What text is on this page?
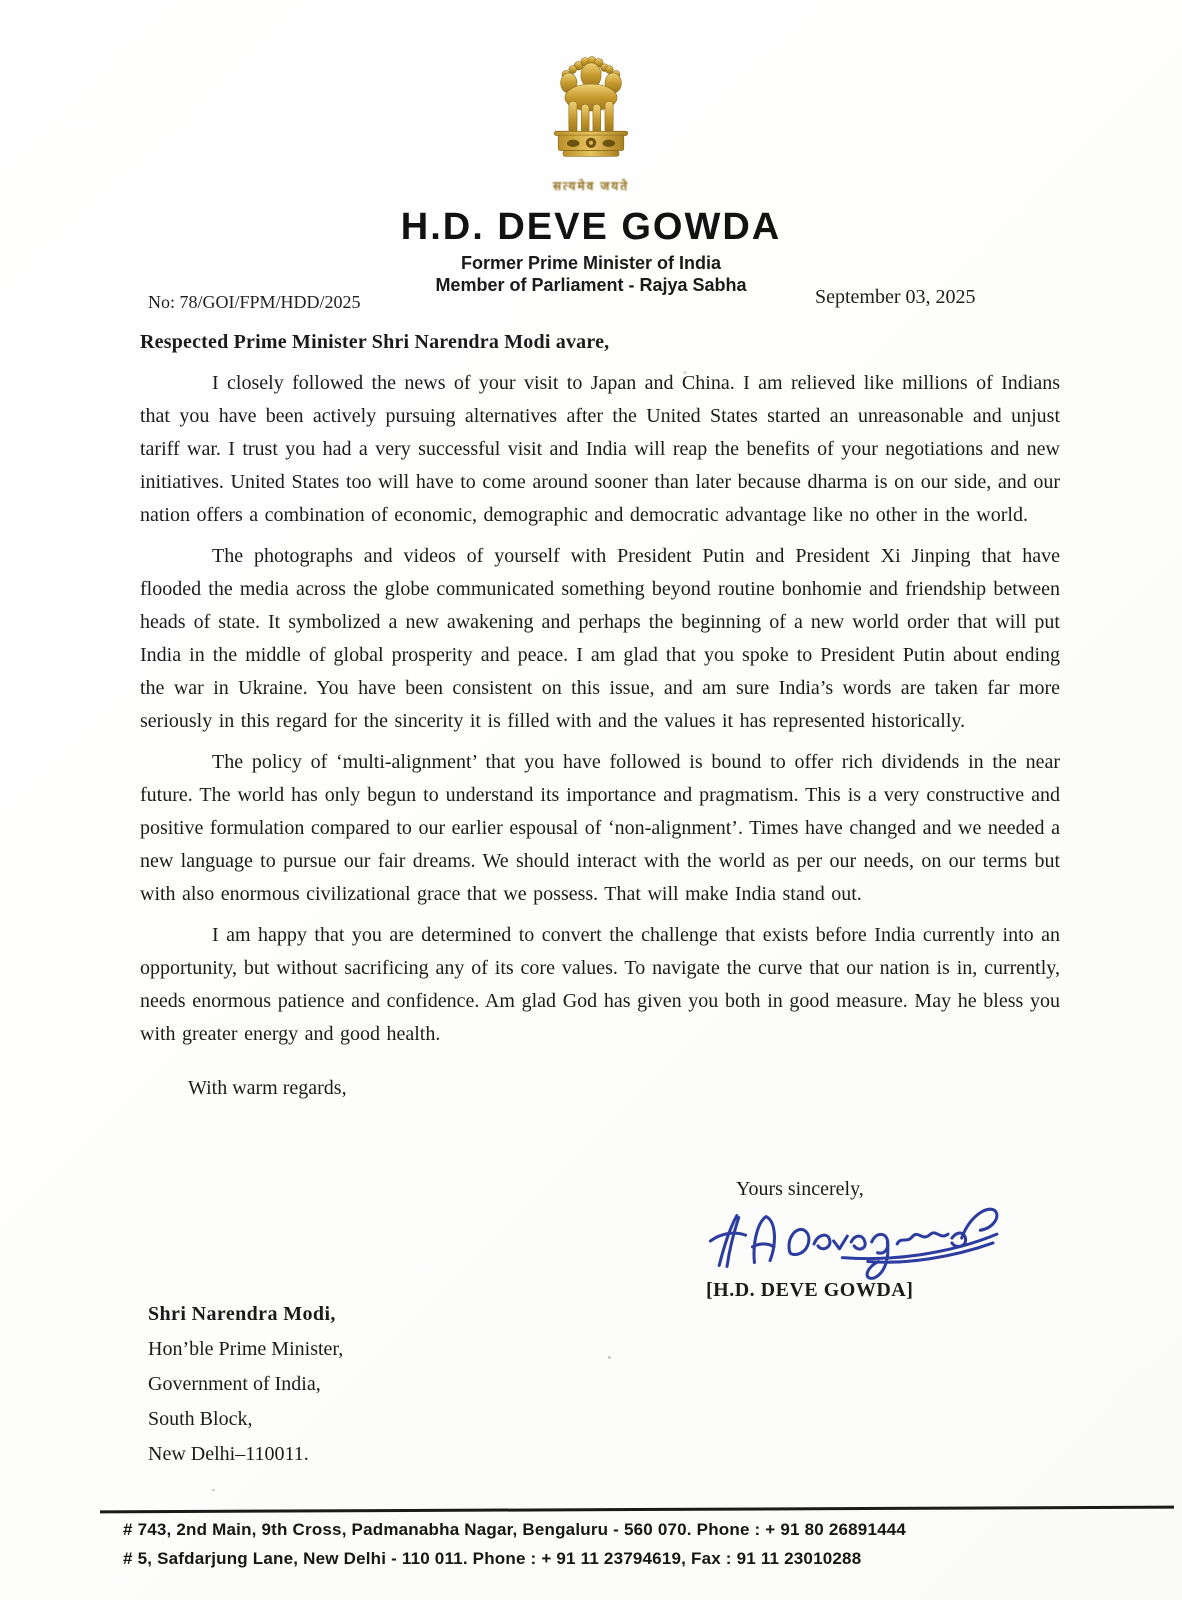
सत्यमेव जयते
H.D. DEVE GOWDA
Former Prime Minister of India
Member of Parliament - Rajya Sabha
No: 78/GOI/FPM/HDD/2025	September 03, 2025
Respected Prime Minister Shri Narendra Modi avare,

I closely followed the news of your visit to Japan and China. I am relieved like millions of Indians that you have been actively pursuing alternatives after the United States started an unreasonable and unjust tariff war. I trust you had a very successful visit and India will reap the benefits of your negotiations and new initiatives. United States too will have to come around sooner than later because dharma is on our side, and our nation offers a combination of economic, demographic and democratic advantage like no other in the world.

The photographs and videos of yourself with President Putin and President Xi Jinping that have flooded the media across the globe communicated something beyond routine bonhomie and friendship between heads of state. It symbolized a new awakening and perhaps the beginning of a new world order that will put India in the middle of global prosperity and peace. I am glad that you spoke to President Putin about ending the war in Ukraine. You have been consistent on this issue, and am sure India’s words are taken far more seriously in this regard for the sincerity it is filled with and the values it has represented historically.

The policy of ‘multi-alignment’ that you have followed is bound to offer rich dividends in the near future. The world has only begun to understand its importance and pragmatism. This is a very constructive and positive formulation compared to our earlier espousal of ‘non-alignment’. Times have changed and we needed a new language to pursue our fair dreams. We should interact with the world as per our needs, on our terms but with also enormous civilizational grace that we possess. That will make India stand out.

I am happy that you are determined to convert the challenge that exists before India currently into an opportunity, but without sacrificing any of its core values. To navigate the curve that our nation is in, currently, needs enormous patience and confidence. Am glad God has given you both in good measure. May he bless you with greater energy and good health.

With warm regards,
Yours sincerely,
[H.D. DEVE GOWDA]
Shri Narendra Modi,
Hon’ble Prime Minister,
Government of India,
South Block,
New Delhi–110011.
# 743, 2nd Main, 9th Cross, Padmanabha Nagar, Bengaluru - 560 070. Phone : + 91 80 26891444
# 5, Safdarjung Lane, New Delhi - 110 011. Phone : + 91 11 23794619, Fax : 91 11 23010288
